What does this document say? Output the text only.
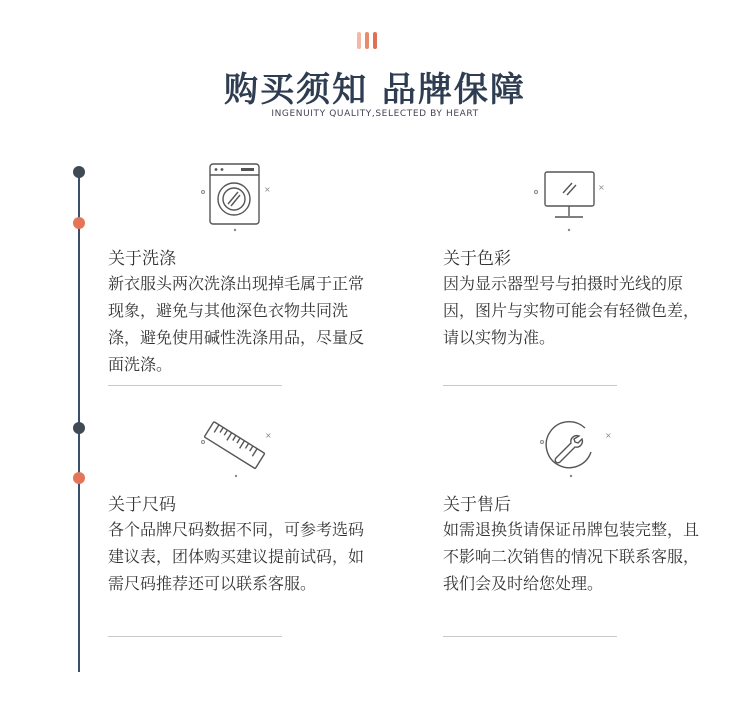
购买须知 品牌保障
INGENUITY QUALITY,SELECTED BY HEART
×
关于洗涤
新衣服头两次洗涤出现掉毛属于正常现象，避免与其他深色衣物共同洗涤，避免使用碱性洗涤用品，尽量反面洗涤。
×
关于色彩
因为显示器型号与拍摄时光线的原因，图片与实物可能会有轻微色差，请以实物为准。
×
关于尺码
各个品牌尺码数据不同，可参考选码建议表，团体购买建议提前试码，如需尺码推荐还可以联系客服。
×
关于售后
如需退换货请保证吊牌包装完整，且不影响二次销售的情况下联系客服，我们会及时给您处理。
